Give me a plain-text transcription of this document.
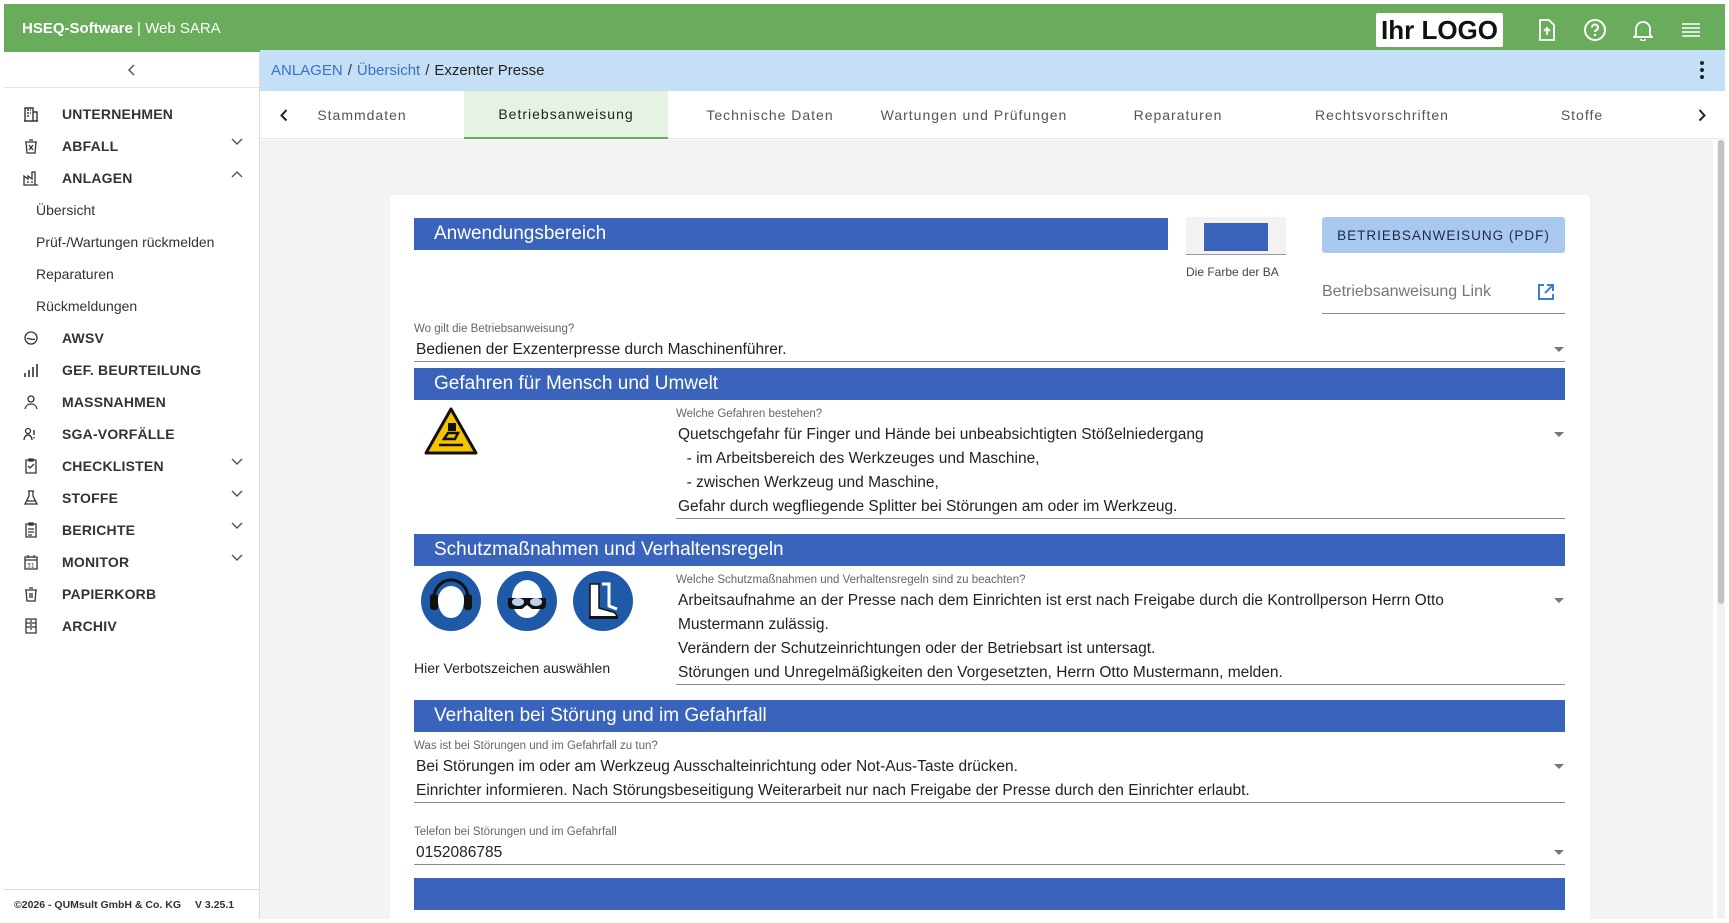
HSEQ-Software | Web SARA	Ihr LOGO
UNTERNEHMEN
ABFALL
ANLAGEN
Übersicht
Prüf-/Wartungen rückmelden
Reparaturen
Rückmeldungen
AWSV
GEF. BEURTEILUNG
MASSNAHMEN
SGA-VORFÄLLE
CHECKLISTEN
STOFFE
BERICHTE
31 MONITOR
PAPIERKORB
ARCHIV
©2026 - QUMsult GmbH & Co. KG V 3.25.1
ANLAGEN / Übersicht / Exzenter Presse
Stammdaten	Betriebsanweisung	Technische Daten	Wartungen und Prüfungen	Reparaturen	Rechtsvorschriften	Stoffe
Anwendungsbereich
Die Farbe der BA
BETRIEBSANWEISUNG (PDF)
Betriebsanweisung Link
Wo gilt die Betriebsanweisung?
Bedienen der Exzenterpresse durch Maschinenführer.
Gefahren für Mensch und Umwelt
Welche Gefahren bestehen?
Quetschgefahr für Finger und Hände bei unbeabsichtigten Stößelniedergang
- im Arbeitsbereich des Werkzeuges und Maschine,
- zwischen Werkzeug und Maschine,
Gefahr durch wegfliegende Splitter bei Störungen am oder im Werkzeug.
Schutzmaßnahmen und Verhaltensregeln
Hier Verbotszeichen auswählen
Welche Schutzmaßnahmen und Verhaltensregeln sind zu beachten?
Arbeitsaufnahme an der Presse nach dem Einrichten ist erst nach Freigabe durch die Kontrollperson Herrn Otto
Mustermann zulässig.
Verändern der Schutzeinrichtungen oder der Betriebsart ist untersagt.
Störungen und Unregelmäßigkeiten den Vorgesetzten, Herrn Otto Mustermann, melden.
Verhalten bei Störung und im Gefahrfall
Was ist bei Störungen und im Gefahrfall zu tun?
Bei Störungen im oder am Werkzeug Ausschalteinrichtung oder Not-Aus-Taste drücken.
Einrichter informieren. Nach Störungsbeseitigung Weiterarbeit nur nach Freigabe der Presse durch den Einrichter erlaubt.
Telefon bei Störungen und im Gefahrfall
0152086785
